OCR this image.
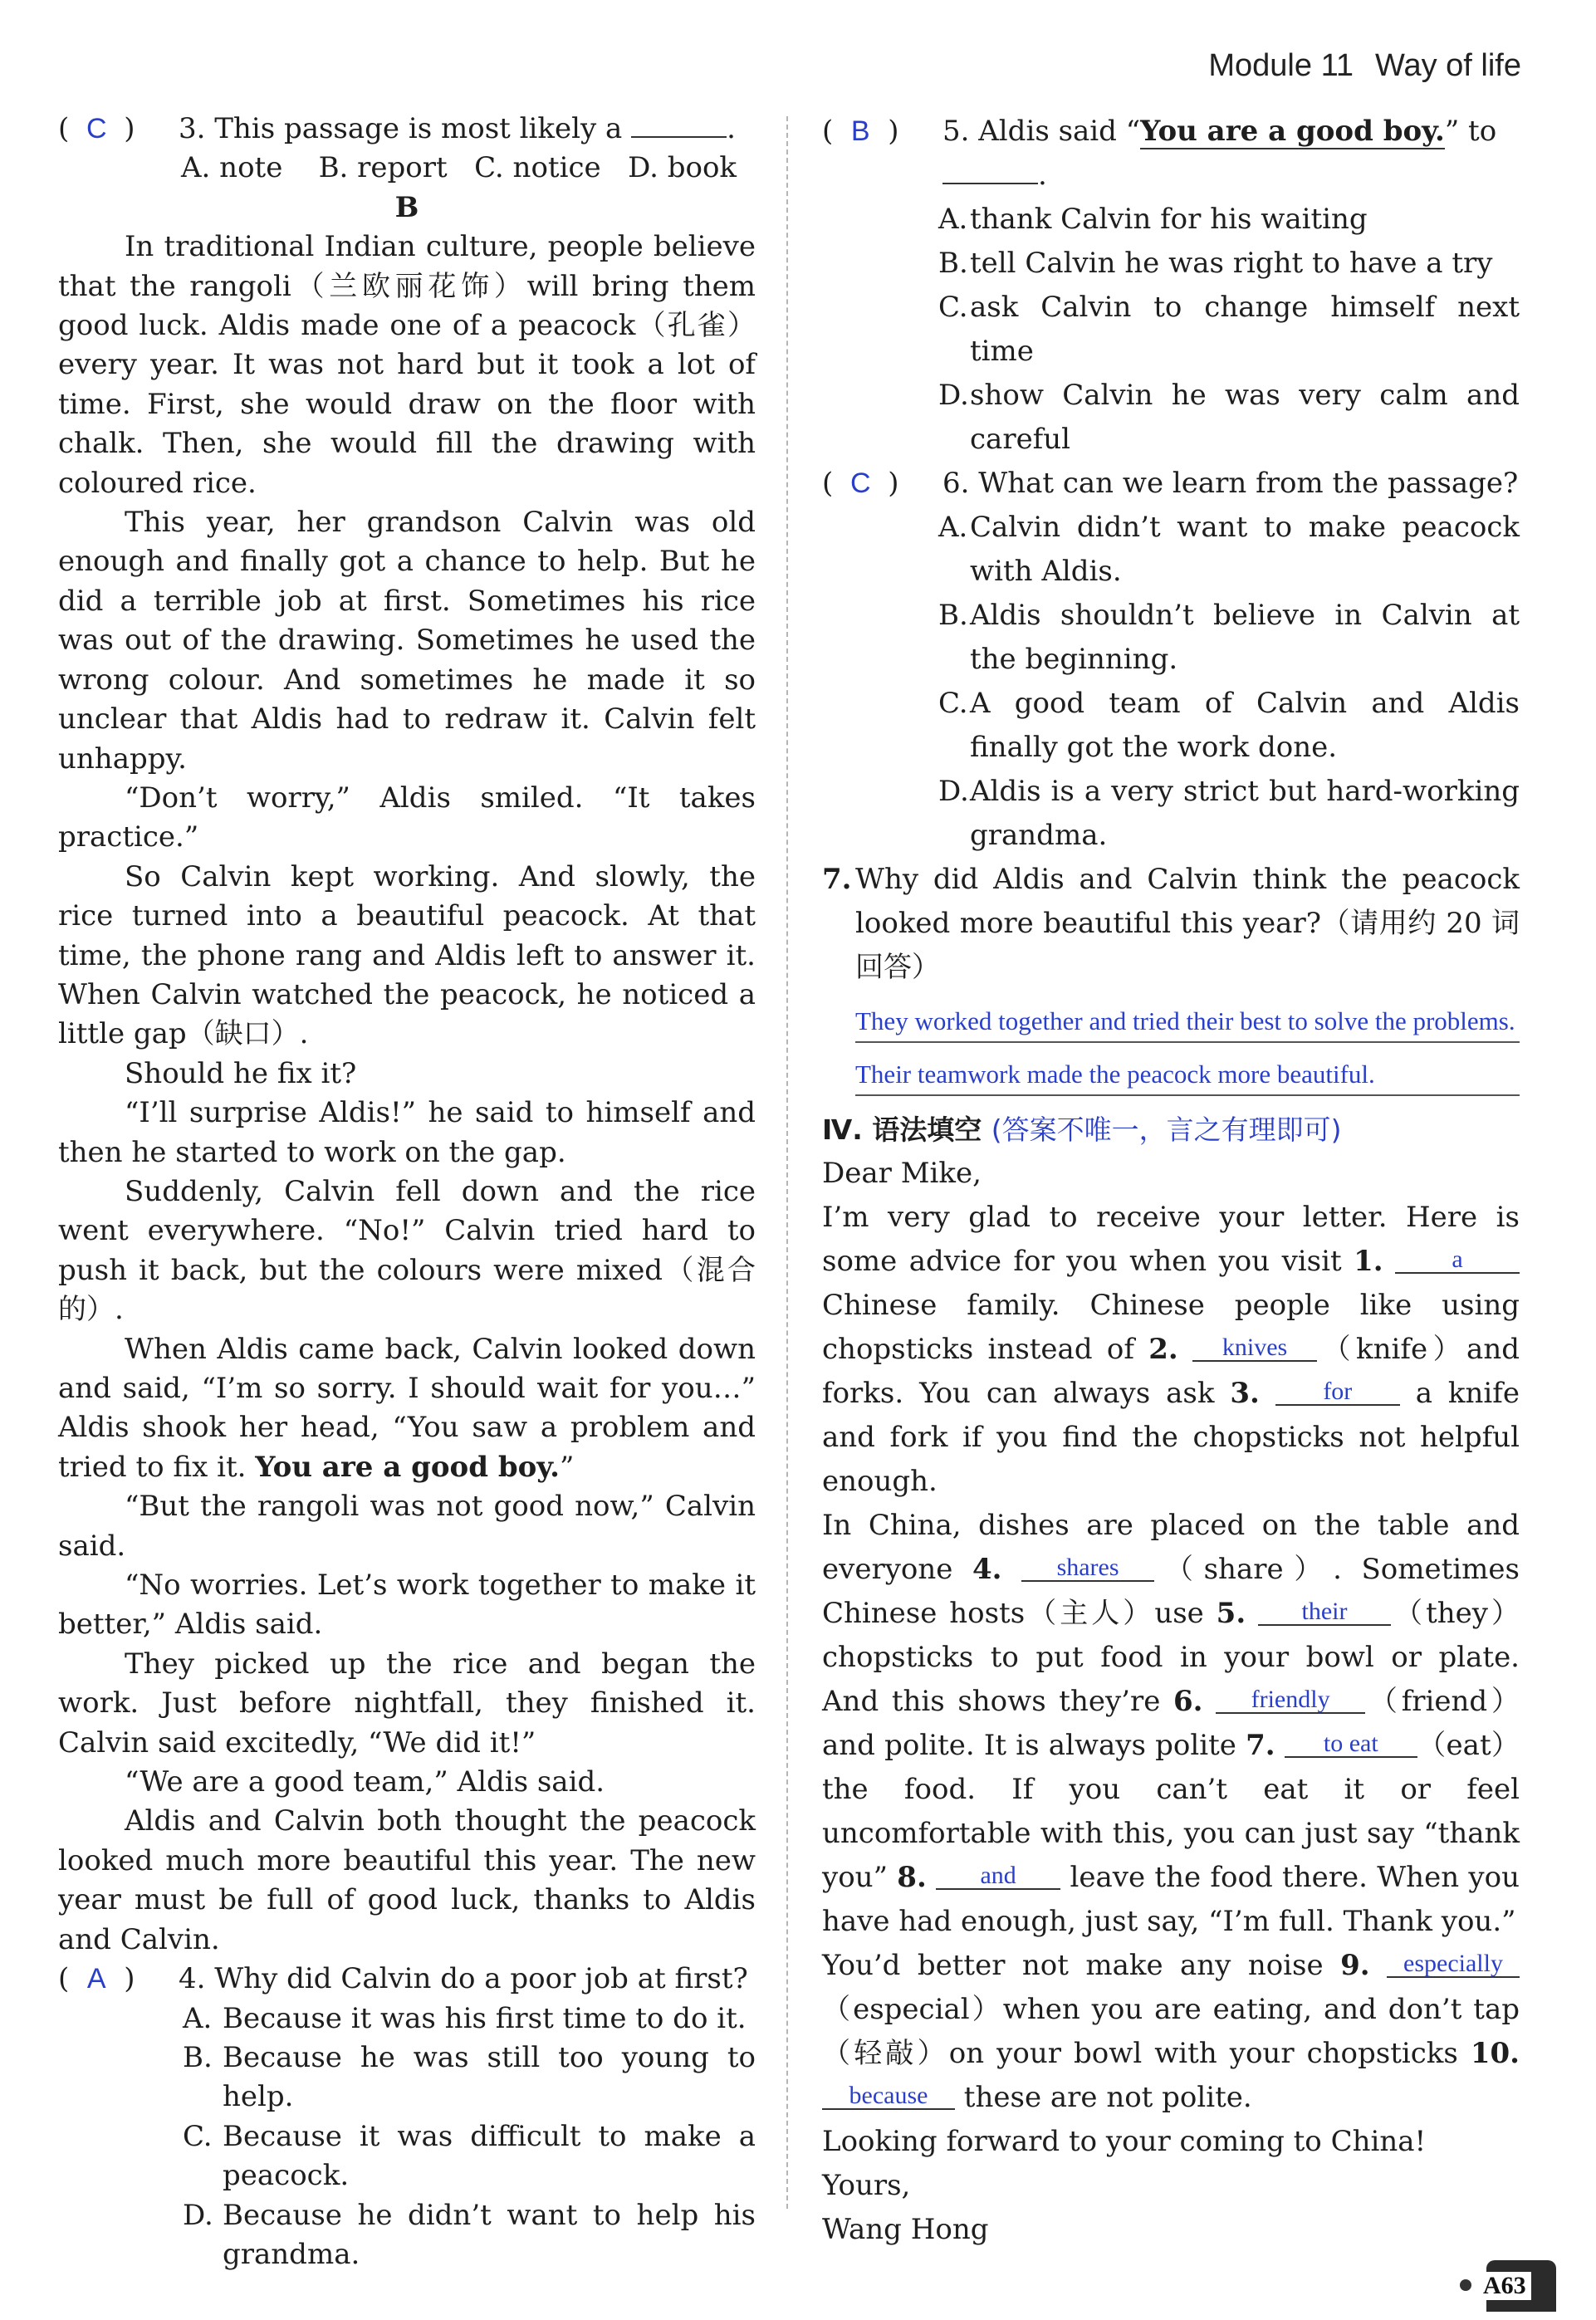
Module 11 Way of life

( C ) 3. This passage is most likely a	.

A. note B. report C. notice D. book

B

In traditional Indian culture, people believe that the rangoli（兰欧丽花饰）will bring them good luck. Aldis made one of a peacock（孔雀）every year. It was not hard but it took a lot of time. First, she would draw on the floor with chalk. Then, she would fill the drawing with coloured rice.

This year, her grandson Calvin was old enough and finally got a chance to help. But he did a terrible job at first. Sometimes his rice was out of the drawing. Sometimes he used the wrong colour. And sometimes he made it so unclear that Aldis had to redraw it. Calvin felt unhappy.

“Don’t worry,” Aldis smiled. “It takes practice.”

So Calvin kept working. And slowly, the rice turned into a beautiful peacock. At that time, the phone rang and Aldis left to answer it. When Calvin watched the peacock, he noticed a little gap（缺口）.

Should he fix it?

“I’ll surprise Aldis!” he said to himself and then he started to work on the gap.

Suddenly, Calvin fell down and the rice went everywhere. “No!” Calvin tried hard to push it back, but the colours were mixed（混合的）.

When Aldis came back, Calvin looked down and said, “I’m so sorry. I should wait for you…” Aldis shook her head, “You saw a problem and tried to fix it. You are a good boy.”

“But the rangoli was not good now,” Calvin said.

“No worries. Let’s work together to make it better,” Aldis said.

They picked up the rice and began the work. Just before nightfall, they finished it. Calvin said excitedly, “We did it!”

“We are a good team,” Aldis said.

Aldis and Calvin both thought the peacock looked much more beautiful this year. The new year must be full of good luck, thanks to Aldis and Calvin.

( A ) 4. Why did Calvin do a poor job at first?

A. Because it was his first time to do it.

B. Because he was still too young to help.

C. Because it was difficult to make a peacock.

D. Because he didn’t want to help his grandma.

( B ) 5. Aldis said “You are a good boy.” to
.

A. thank Calvin for his waiting

B. tell Calvin he was right to have a try

C. ask Calvin to change himself next time

D. show Calvin he was very calm and careful

( C ) 6. What can we learn from the passage?

A. Calvin didn’t want to make peacock with Aldis.

B. Aldis shouldn’t believe in Calvin at the beginning.

C. A good team of Calvin and Aldis finally got the work done.

D. Aldis is a very strict but hard-working grandma.

7. Why did Aldis and Calvin think the peacock looked more beautiful this year?（请用约 20 词回答）

They worked together and tried their best to solve the problems.
Their teamwork made the peacock more beautiful.

Ⅳ. 语法填空 (答案不唯一，言之有理即可)

Dear Mike,

I’m very glad to receive your letter. Here is some advice for you when you visit 1.	a Chinese family. Chinese people like using chopsticks instead of 2. knives （knife）and forks. You can always ask 3.	for a knife and fork if you find the chopsticks not helpful enough.

In China, dishes are placed on the table and everyone 4. shares （share）. Sometimes Chinese hosts（主人）use 5. their （they）chopsticks to put food in your bowl or plate. And this shows they’re 6. friendly （friend）and polite. It is always polite 7. to eat （eat）the food. If you can’t eat it or feel uncomfortable with this, you can just say “thank you” 8. and leave the food there. When you have had enough, just say, “I’m full. Thank you.”

You’d better not make any noise 9. especially（especial）when you are eating, and don’t tap（轻敲）on your bowl with your chopsticks 10. because these are not polite.

Looking forward to your coming to China!

Yours,

Wang Hong

A63
